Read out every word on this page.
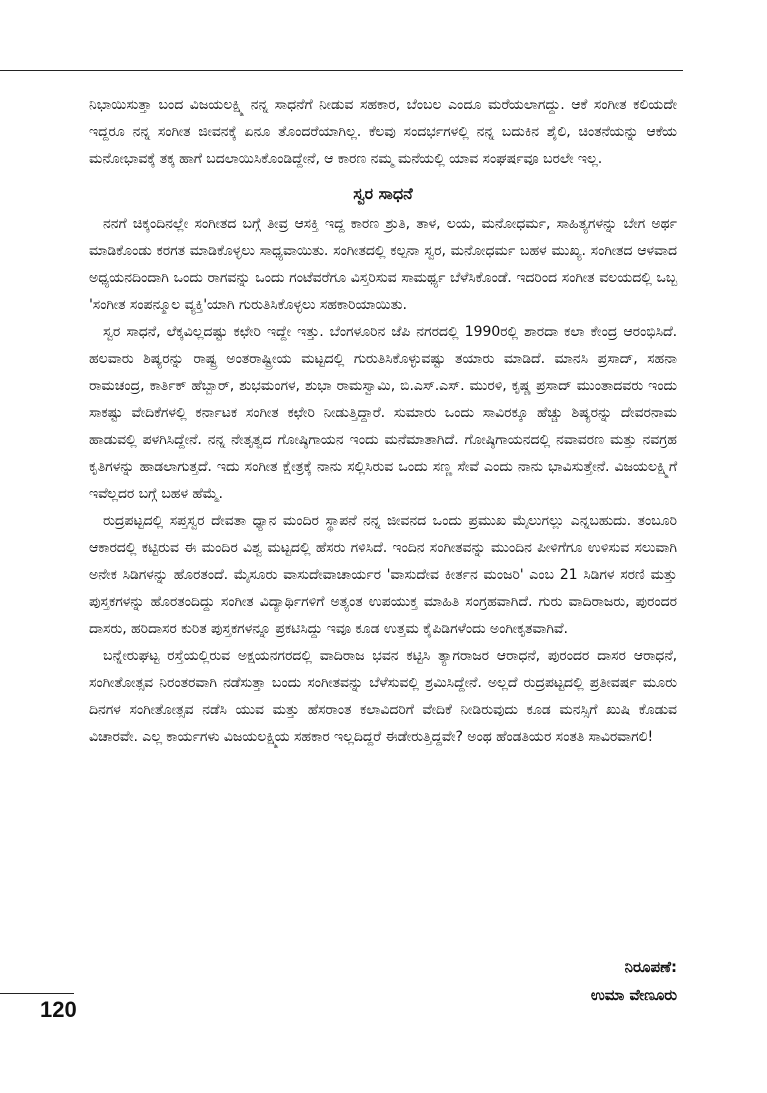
ನಿಭಾಯಿಸುತ್ತಾ ಬಂದ ವಿಜಯಲಕ್ಷ್ಮಿ ನನ್ನ ಸಾಧನೆಗೆ ನೀಡುವ ಸಹಕಾರ, ಬೆಂಬಲ ಎಂದೂ ಮರೆಯಲಾಗದ್ದು. ಆಕೆ ಸಂಗೀತ ಕಲಿಯದೇ ಇದ್ದರೂ ನನ್ನ ಸಂಗೀತ ಜೀವನಕ್ಕೆ ಏನೂ ತೊಂದರೆಯಾಗಿಲ್ಲ. ಕೆಲವು ಸಂದರ್ಭಗಳಲ್ಲಿ ನನ್ನ ಬದುಕಿನ ಶೈಲಿ, ಚಿಂತನೆಯನ್ನು ಆಕೆಯ ಮನೋಭಾವಕ್ಕೆ ತಕ್ಕ ಹಾಗೆ ಬದಲಾಯಿಸಿಕೊಂಡಿದ್ದೇನೆ, ಆ ಕಾರಣ ನಮ್ಮ ಮನೆಯಲ್ಲಿ ಯಾವ ಸಂಘರ್ಷವೂ ಬರಲೇ ಇಲ್ಲ.

ಸ್ವರ ಸಾಧನೆ

ನನಗೆ ಚಿಕ್ಕಂದಿನಲ್ಲೇ ಸಂಗೀತದ ಬಗ್ಗೆ ತೀವ್ರ ಆಸಕ್ತಿ ಇದ್ದ ಕಾರಣ ಶ್ರುತಿ, ತಾಳ, ಲಯ, ಮನೋಧರ್ಮ, ಸಾಹಿತ್ಯಗಳನ್ನು ಬೇಗ ಅರ್ಥ ಮಾಡಿಕೊಂಡು ಕರಗತ ಮಾಡಿಕೊಳ್ಳಲು ಸಾಧ್ಯವಾಯಿತು. ಸಂಗೀತದಲ್ಲಿ ಕಲ್ಪನಾ ಸ್ವರ, ಮನೋಧರ್ಮ ಬಹಳ ಮುಖ್ಯ. ಸಂಗೀತದ ಆಳವಾದ ಅಧ್ಯಯನದಿಂದಾಗಿ ಒಂದು ರಾಗವನ್ನು ಒಂದು ಗಂಟೆವರೆಗೂ ವಿಸ್ತರಿಸುವ ಸಾಮರ್ಥ್ಯ ಬೆಳೆಸಿಕೊಂಡೆ. ಇದರಿಂದ ಸಂಗೀತ ವಲಯದಲ್ಲಿ ಒಬ್ಬ 'ಸಂಗೀತ ಸಂಪನ್ಮೂಲ ವ್ಯಕ್ತಿ'ಯಾಗಿ ಗುರುತಿಸಿಕೊಳ್ಳಲು ಸಹಕಾರಿಯಾಯಿತು.

ಸ್ವರ ಸಾಧನೆ, ಲೆಕ್ಕವಿಲ್ಲದಷ್ಟು ಕಛೇರಿ ಇದ್ದೇ ಇತ್ತು. ಬೆಂಗಳೂರಿನ ಜೆಪಿ ನಗರದಲ್ಲಿ 1990ರಲ್ಲಿ ಶಾರದಾ ಕಲಾ ಕೇಂದ್ರ ಆರಂಭಿಸಿದೆ. ಹಲವಾರು ಶಿಷ್ಯರನ್ನು ರಾಷ್ಟ್ರ ಅಂತರಾಷ್ಟ್ರೀಯ ಮಟ್ಟದಲ್ಲಿ ಗುರುತಿಸಿಕೊಳ್ಳುವಷ್ಟು ತಯಾರು ಮಾಡಿದೆ. ಮಾನಸಿ ಪ್ರಸಾದ್, ಸಹನಾ ರಾಮಚಂದ್ರ, ಕಾರ್ತಿಕ್ ಹೆಬ್ಬಾರ್, ಶುಭಮಂಗಳ, ಶುಭಾ ರಾಮಸ್ವಾಮಿ, ಬಿ.ಎಸ್.ಎಸ್. ಮುರಳಿ, ಕೃಷ್ಣ ಪ್ರಸಾದ್ ಮುಂತಾದವರು ಇಂದು ಸಾಕಷ್ಟು ವೇದಿಕೆಗಳಲ್ಲಿ ಕರ್ನಾಟಕ ಸಂಗೀತ ಕಛೇರಿ ನೀಡುತ್ತಿದ್ದಾರೆ. ಸುಮಾರು ಒಂದು ಸಾವಿರಕ್ಕೂ ಹೆಚ್ಚು ಶಿಷ್ಯರನ್ನು ದೇವರನಾಮ ಹಾಡುವಲ್ಲಿ ಪಳಗಿಸಿದ್ದೇನೆ. ನನ್ನ ನೇತೃತ್ವದ ಗೋಷ್ಠಿಗಾಯನ ಇಂದು ಮನೆಮಾತಾಗಿದೆ. ಗೋಷ್ಠಿಗಾಯನದಲ್ಲಿ ನವಾವರಣ ಮತ್ತು ನವಗ್ರಹ ಕೃತಿಗಳನ್ನು ಹಾಡಲಾಗುತ್ತದೆ. ಇದು ಸಂಗೀತ ಕ್ಷೇತ್ರಕ್ಕೆ ನಾನು ಸಲ್ಲಿಸಿರುವ ಒಂದು ಸಣ್ಣ ಸೇವೆ ಎಂದು ನಾನು ಭಾವಿಸುತ್ತೇನೆ. ವಿಜಯಲಕ್ಷ್ಮಿಗೆ ಇವೆಲ್ಲದರ ಬಗ್ಗೆ ಬಹಳ ಹೆಮ್ಮೆ.

ರುದ್ರಪಟ್ಟದಲ್ಲಿ ಸಪ್ತಸ್ವರ ದೇವತಾ ಧ್ಯಾನ ಮಂದಿರ ಸ್ಥಾಪನೆ ನನ್ನ ಜೀವನದ ಒಂದು ಪ್ರಮುಖ ಮೈಲುಗಲ್ಲು ಎನ್ನಬಹುದು. ತಂಬೂರಿ ಆಕಾರದಲ್ಲಿ ಕಟ್ಟಿರುವ ಈ ಮಂದಿರ ವಿಶ್ವ ಮಟ್ಟದಲ್ಲಿ ಹೆಸರು ಗಳಿಸಿದೆ. ಇಂದಿನ ಸಂಗೀತವನ್ನು ಮುಂದಿನ ಪೀಳಿಗೆಗೂ ಉಳಿಸುವ ಸಲುವಾಗಿ ಅನೇಕ ಸಿಡಿಗಳನ್ನು ಹೊರತಂದೆ. ಮೈಸೂರು ವಾಸುದೇವಾಚಾರ್ಯರ 'ವಾಸುದೇವ ಕೀರ್ತನ ಮಂಜರಿ' ಎಂಬ 21 ಸಿಡಿಗಳ ಸರಣಿ ಮತ್ತು ಪುಸ್ತಕಗಳನ್ನು ಹೊರತಂದಿದ್ದು ಸಂಗೀತ ವಿದ್ಯಾರ್ಥಿಗಳಿಗೆ ಅತ್ಯಂತ ಉಪಯುಕ್ತ ಮಾಹಿತಿ ಸಂಗ್ರಹವಾಗಿದೆ. ಗುರು ವಾದಿರಾಜರು, ಪುರಂದರ ದಾಸರು, ಹರಿದಾಸರ ಕುರಿತ ಪುಸ್ತಕಗಳನ್ನೂ ಪ್ರಕಟಿಸಿದ್ದು ಇವೂ ಕೂಡ ಉತ್ತಮ ಕೈಪಿಡಿಗಳೆಂದು ಅಂಗೀಕೃತವಾಗಿವೆ.

ಬನ್ನೇರುಘಟ್ಟ ರಸ್ತೆಯಲ್ಲಿರುವ ಅಕ್ಷಯನಗರದಲ್ಲಿ ವಾದಿರಾಜ ಭವನ ಕಟ್ಟಿಸಿ ತ್ಯಾಗರಾಜರ ಆರಾಧನೆ, ಪುರಂದರ ದಾಸರ ಆರಾಧನೆ, ಸಂಗೀತೋತ್ಸವ ನಿರಂತರವಾಗಿ ನಡೆಸುತ್ತಾ ಬಂದು ಸಂಗೀತವನ್ನು ಬೆಳೆಸುವಲ್ಲಿ ಶ್ರಮಿಸಿದ್ದೇನೆ. ಅಲ್ಲದೆ ರುದ್ರಪಟ್ಟದಲ್ಲಿ ಪ್ರತೀವರ್ಷ ಮೂರು ದಿನಗಳ ಸಂಗೀತೋತ್ಸವ ನಡೆಸಿ ಯುವ ಮತ್ತು ಹೆಸರಾಂತ ಕಲಾವಿದರಿಗೆ ವೇದಿಕೆ ನೀಡಿರುವುದು ಕೂಡ ಮನಸ್ಸಿಗೆ ಖುಷಿ ಕೊಡುವ ವಿಚಾರವೇ. ಎಲ್ಲ ಕಾರ್ಯಗಳು ವಿಜಯಲಕ್ಷ್ಮಿಯ ಸಹಕಾರ ಇಲ್ಲದಿದ್ದರೆ ಈಡೇರುತ್ತಿದ್ದವೇ? ಅಂಥ ಹೆಂಡತಿಯರ ಸಂತತಿ ಸಾವಿರವಾಗಲಿ!

ನಿರೂಪಣೆ:
ಉಮಾ ವೇಣೂರು
120
